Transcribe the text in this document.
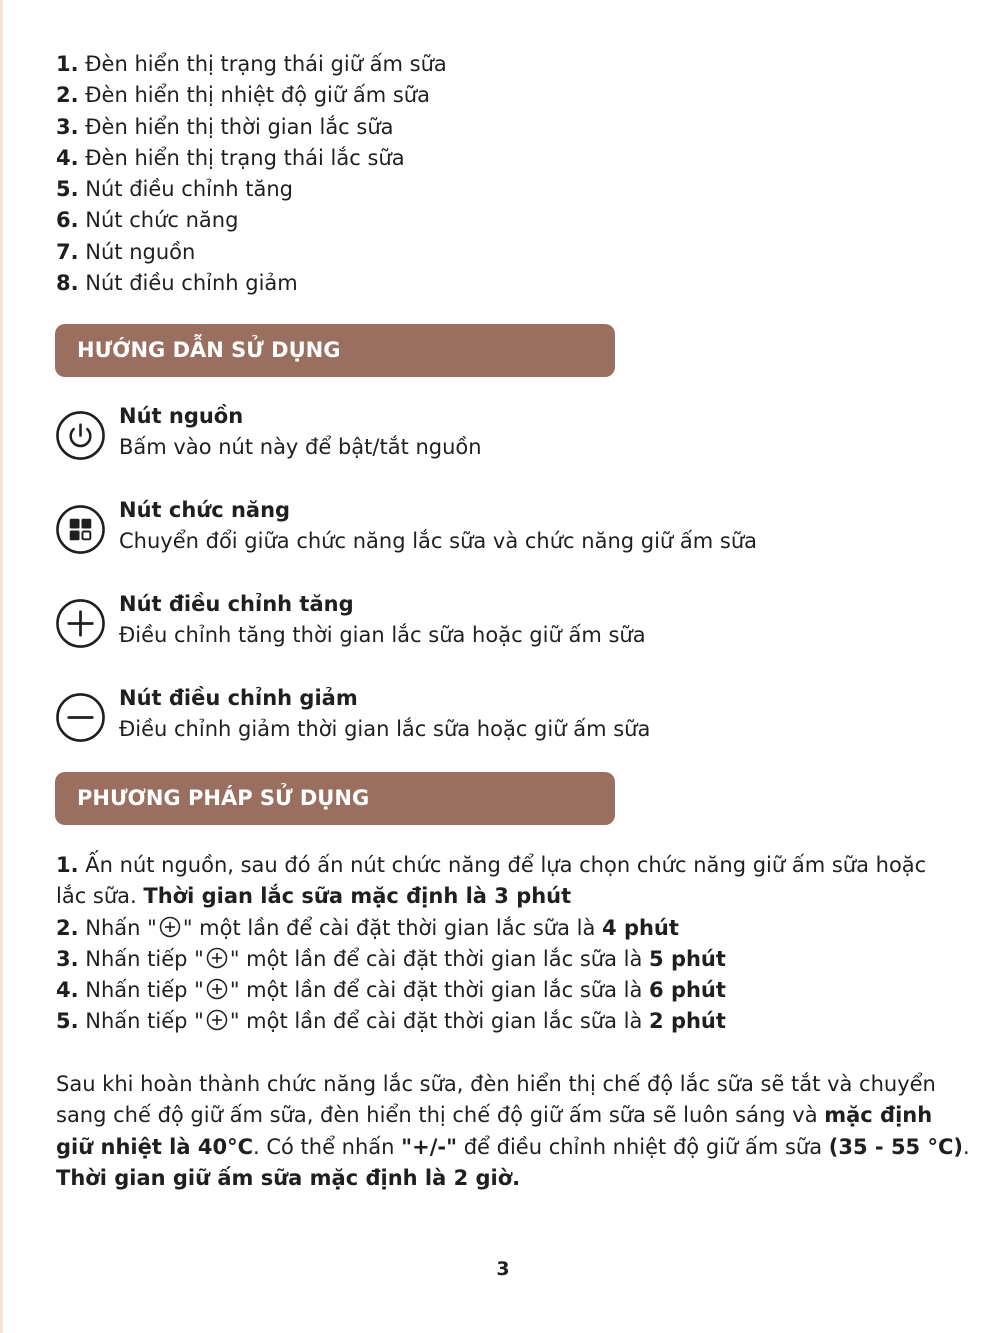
1. Đèn hiển thị trạng thái giữ ấm sữa
2. Đèn hiển thị nhiệt độ giữ ấm sữa
3. Đèn hiển thị thời gian lắc sữa
4. Đèn hiển thị trạng thái lắc sữa
5. Nút điều chỉnh tăng
6. Nút chức năng
7. Nút nguồn
8. Nút điều chỉnh giảm
HƯỚNG DẪN SỬ DỤNG
Nút nguồn
Bấm vào nút này để bật/tắt nguồn
Nút chức năng
Chuyển đổi giữa chức năng lắc sữa và chức năng giữ ấm sữa
Nút điều chỉnh tăng
Điều chỉnh tăng thời gian lắc sữa hoặc giữ ấm sữa
Nút điều chỉnh giảm
Điều chỉnh giảm thời gian lắc sữa hoặc giữ ấm sữa
PHƯƠNG PHÁP SỬ DỤNG
1. Ấn nút nguồn, sau đó ấn nút chức năng để lựa chọn chức năng giữ ấm sữa hoặc
lắc sữa. Thời gian lắc sữa mặc định là 3 phút
2. Nhấn " " một lần để cài đặt thời gian lắc sữa là 4 phút
3. Nhấn tiếp " " một lần để cài đặt thời gian lắc sữa là 5 phút
4. Nhấn tiếp " " một lần để cài đặt thời gian lắc sữa là 6 phút
5. Nhấn tiếp " " một lần để cài đặt thời gian lắc sữa là 2 phút
Sau khi hoàn thành chức năng lắc sữa, đèn hiển thị chế độ lắc sữa sẽ tắt và chuyển
sang chế độ giữ ấm sữa, đèn hiển thị chế độ giữ ấm sữa sẽ luôn sáng và mặc định
giữ nhiệt là 40°C. Có thể nhấn "+/-" để điều chỉnh nhiệt độ giữ ấm sữa (35 - 55 °C).
Thời gian giữ ấm sữa mặc định là 2 giờ.
3
